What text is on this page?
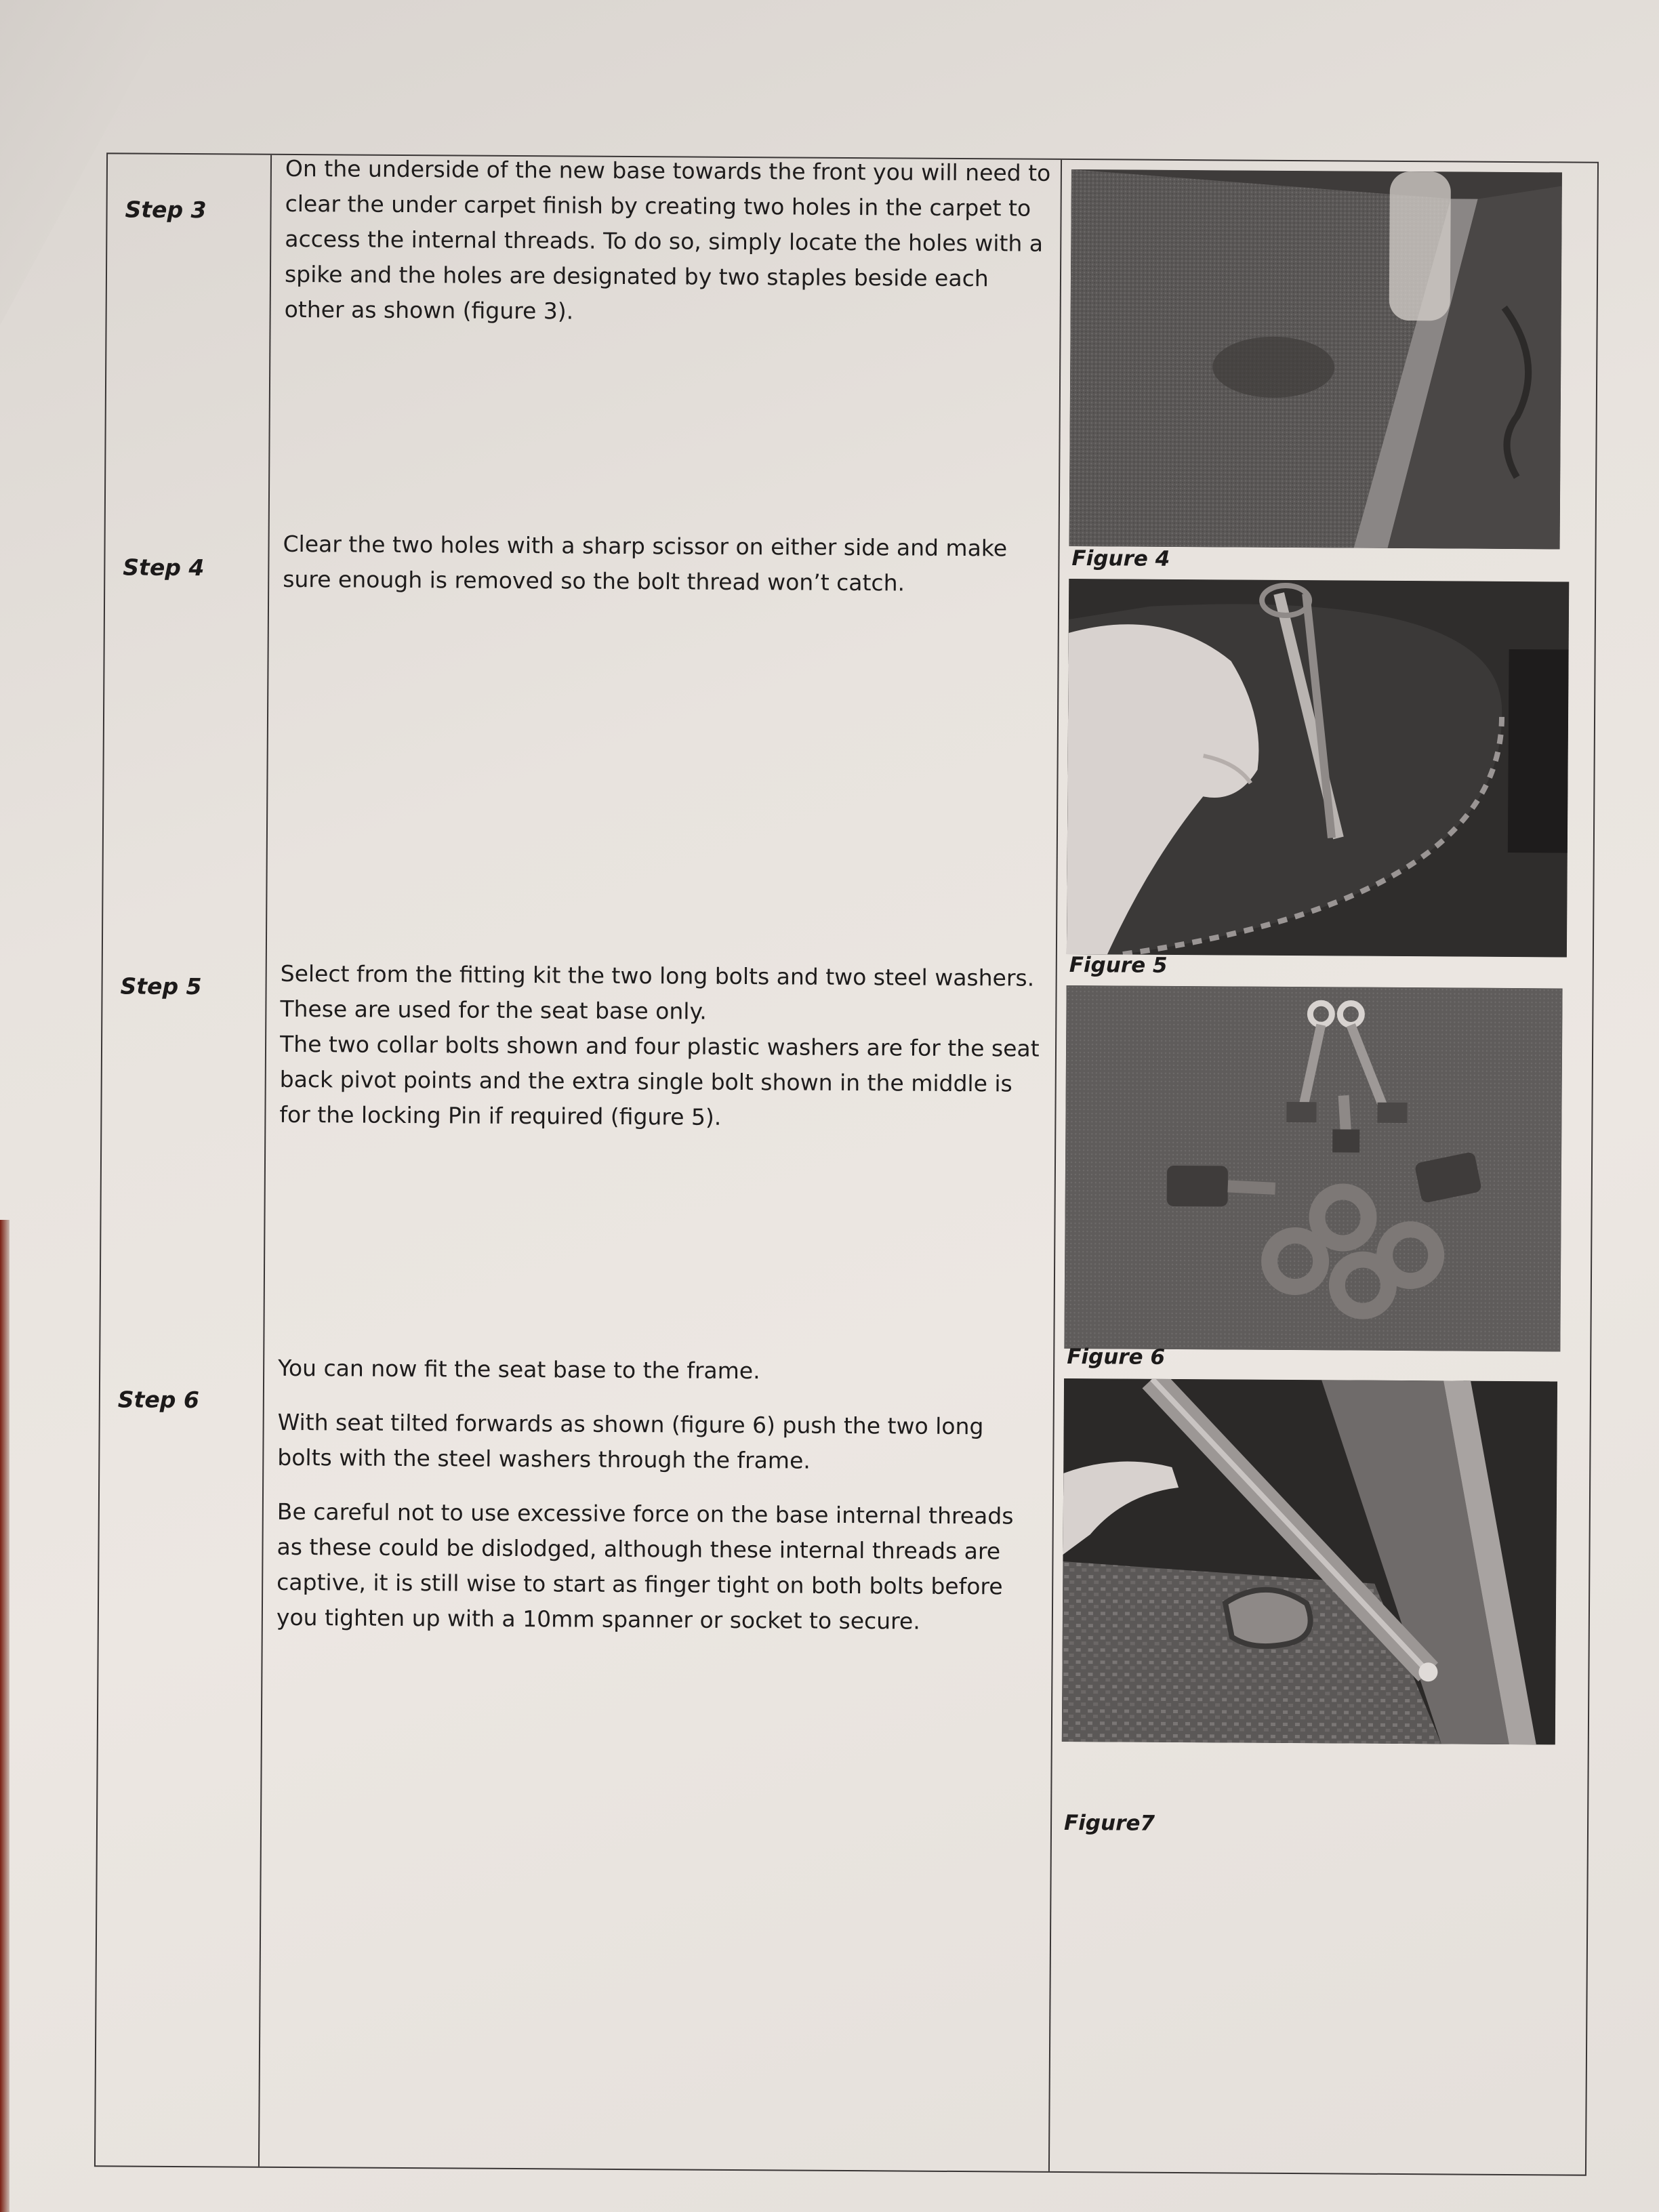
Step 3

On the underside of the new base towards the front you will need to clear the under carpet finish by creating two holes in the carpet to access the internal threads. To do so, simply locate the holes with a spike and the holes are designated by two staples beside each other as shown (figure 3).

Figure 4
Step 4

Clear the two holes with a sharp scissor on either side and make sure enough is removed so the bolt thread won’t catch.

Figure 5
Step 5	Select from the fitting kit the two long bolts and two steel washers. These are used for the seat base only.

The two collar bolts shown and four plastic washers are for the seat back pivot points and the extra single bolt shown in the middle is for the locking Pin if required (figure 5).

Figure 6
Step 6

You can now fit the seat base to the frame.

With seat tilted forwards as shown (figure 6) push the two long bolts with the steel washers through the frame.

Be careful not to use excessive force on the base internal threads as these could be dislodged, although these internal threads are captive, it is still wise to start as finger tight on both bolts before you tighten up with a 10mm spanner or socket to secure.

Figure7
